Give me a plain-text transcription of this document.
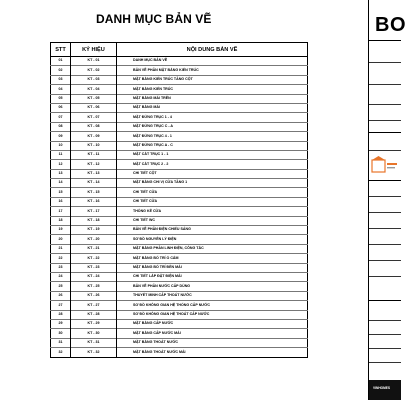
DANH MỤC BẢN VẼ
STT	KÝ HIỆU	NỘI DUNG BẢN VẼ
01	KT - 01	DANH MỤC BẢN VẼ
02	KT - 02	BẢN VẼ PHẦN MẶT BẰNG KIẾN TRÚC
03	KT - 03	MẶT BẰNG KIẾN TRÚC TẦNG CỘT
04	KT - 04	MẶT BẰNG KIẾN TRÚC
05	KT - 05	MẶT BẰNG MÁI TRÊN
06	KT - 06	MẶT BẰNG MÁI
07	KT - 07	MẶT ĐỨNG TRỤC 1 - 4
08	KT - 08	MẶT ĐỨNG TRỤC C - A
09	KT - 09	MẶT ĐỨNG TRỤC 4 - 1
10	KT - 10	MẶT ĐỨNG TRỤC A - C
11	KT - 11	MẶT CẮT TRỤC 1 - 1
12	KT - 12	MẶT CẮT TRỤC 2 - 2
13	KT - 13	CHI TIẾT CỘT
14	KT - 14	MẶT BẰNG CHI VỊ CỬA TẦNG 1
15	KT - 15	CHI TIẾT CỬA
16	KT - 16	CHI TIẾT CỬA
17	KT - 17	THỐNG KÊ CỬA
18	KT - 18	CHI TIẾT WC
19	KT - 19	BẢN VẼ PHẦN ĐIỆN CHIẾU SÁNG
20	KT - 20	SƠ ĐỒ NGUYÊN LÝ ĐIỆN
21	KT - 21	MẶT BẰNG PHẦN LINH ĐIỆN, CÔNG TẮC
22	KT - 22	MẶT BẰNG BỐ TRÍ Ổ CẮM
23	KT - 23	MẶT BẰNG BỐ TRÍ ĐÈN MÁI
24	KT - 24	CHI TIẾT LẮP ĐẶT ĐIỆN MÁI
25	KT - 25	BẢN VẼ PHẦN NƯỚC CẤP DÙNG
26	KT - 26	THUYẾT MINH CẤP THOÁT NƯỚC
27	KT - 27	SƠ ĐỒ KHÔNG GIAN HỆ THỐNG CẤP NƯỚC
28	KT - 28	SƠ ĐỒ KHÔNG GIAN HỆ THOÁT CẤP NƯỚC
29	KT - 29	MẶT BẰNG CẤP NƯỚC
30	KT - 30	MẶT BẰNG CẤP NƯỚC MÁI
31	KT - 31	MẶT BẰNG THOÁT NƯỚC
32	KT - 32	MẶT BẰNG THOÁT NƯỚC MÁI
BO
VINHOMES
